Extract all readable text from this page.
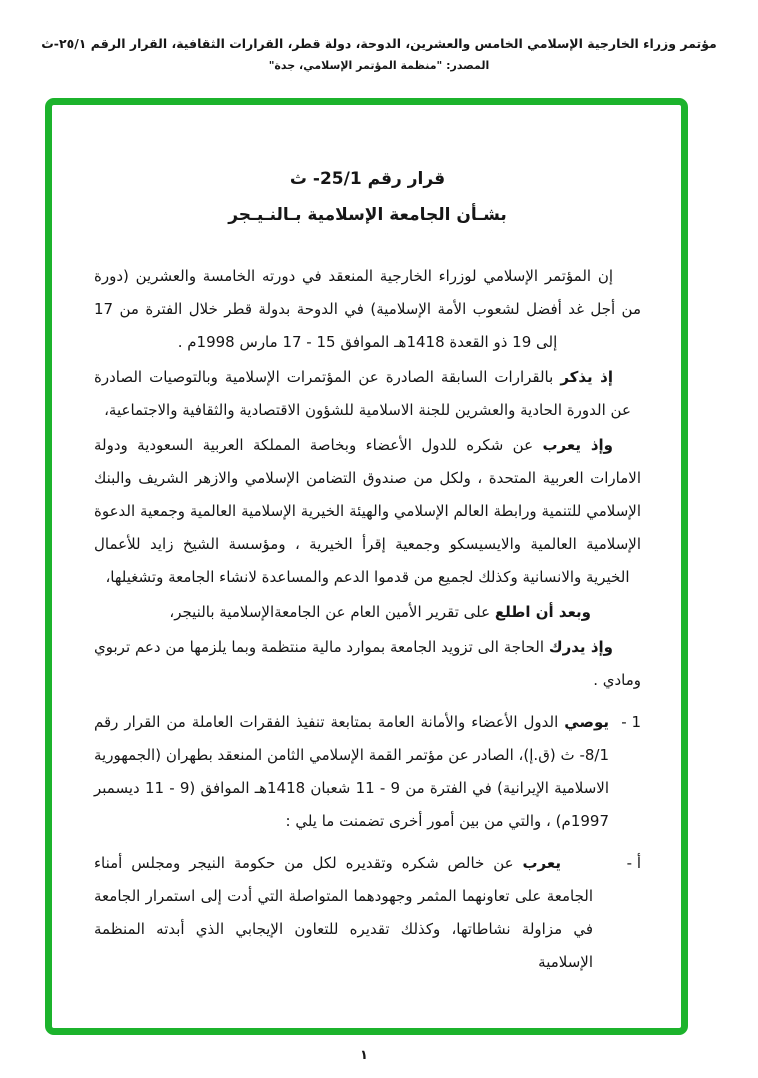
مؤتمر وزراء الخارجية الإسلامي الخامس والعشرين، الدوحة، دولة قطر، القرارات الثقافية، القرار الرقم ٢٥/١-ث
المصدر: "منظمة المؤتمر الإسلامي، جدة"
قرار رقم 25/1- ث
بشـأن الجامعة الإسلامية بـالنـيـجر

إن المؤتمر الإسلامي لوزراء الخارجية المنعقد في دورته الخامسة والعشرين (دورة من أجل غد أفضل لشعوب الأمة الإسلامية) في الدوحة بدولة قطر خلال الفترة من 17 إلى 19 ذو القعدة 1418هـ الموافق 15 - 17 مارس 1998م .

إذ يذكر بالقرارات السابقة الصادرة عن المؤتمرات الإسلامية وبالتوصيات الصادرة عن الدورة الحادية والعشرين للجنة الاسلامية للشؤون الاقتصادية والثقافية والاجتماعية،

وإذ يعرب عن شكره للدول الأعضاء وبخاصة المملكة العربية السعودية ودولة الامارات العربية المتحدة ، ولكل من صندوق التضامن الإسلامي والازهر الشريف والبنك الإسلامي للتنمية ورابطة العالم الإسلامي والهيئة الخيرية الإسلامية العالمية وجمعية الدعوة الإسلامية العالمية والايسيسكو وجمعية إقرأ الخيرية ، ومؤسسة الشيخ زايد للأعمال الخيرية والانسانية وكذلك لجميع من قدموا الدعم والمساعدة لانشاء الجامعة وتشغيلها،

وبعد أن اطلع على تقرير الأمين العام عن الجامعةالإسلامية بالنيجر،

وإذ يدرك الحاجة الى تزويد الجامعة بموارد مالية منتظمة وبما يلزمها من دعم تربوي ومادي .

- 1

يوصي الدول الأعضاء والأمانة العامة بمتابعة تنفيذ الفقرات العاملة من القرار رقم 8/1- ث (ق.إ)، الصادر عن مؤتمر القمة الإسلامي الثامن المنعقد بطهران (الجمهورية الاسلامية الإيرانية) في الفترة من 9 - 11 شعبان 1418هـ الموافق (9 - 11 ديسمبر 1997م) ، والتي من بين أمور أخرى تضمنت ما يلي :

- أ

يعرب عن خالص شكره وتقديره لكل من حكومة النيجر ومجلس أمناء الجامعة على تعاونهما المثمر وجهودهما المتواصلة التي أدت إلى استمرار الجامعة في مزاولة نشاطاتها، وكذلك تقديره للتعاون الإيجابي الذي أبدته المنظمة الإسلامية

١
